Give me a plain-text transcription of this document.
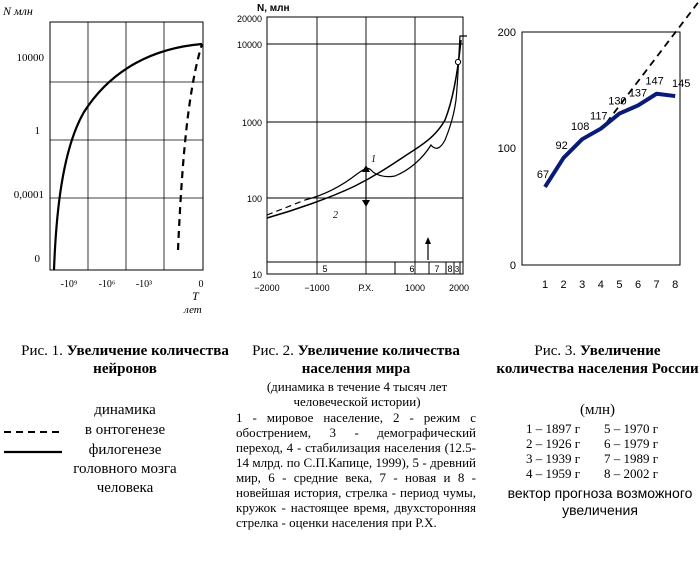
N млн
10000
1
0,0001
0
-10⁹ -10⁶ -10³	0
T
лет
N, млн
5	6 7 8 3
20000
10000
1000
100
10
−2000	−1000	Р.Х.	1000	2000
1
2
200
100
0
1 2 3 4 5 6 7 8
67
92
108
117
130
137
147 145
Рис. 1. Увеличение количества нейронов
динамика
в онтогенезе
филогенезе
головного мозга
человека
Рис. 2. Увеличение количества населения мира
(динамика в течение 4 тысяч лет человеческой истории)
1 - мировое население, 2 - режим с обострением, 3 - демографический переход, 4 - стабилизация населения (12.5-14 млрд. по С.П.Капице, 1999), 5 - древний мир, 6 - средние века, 7 - новая и 8 - новейшая история, стрелка - период чумы, кружок - настоящее время, двухсторонняя стрелка - оценки населения при Р.Х.
Рис. 3. Увеличение количества населения России
(млн)
1 – 1897 г
2 – 1926 г
3 – 1939 г
4 – 1959 г
5 – 1970 г
6 – 1979 г
7 – 1989 г
8 – 2002 г
вектор прогноза возможного увеличения
